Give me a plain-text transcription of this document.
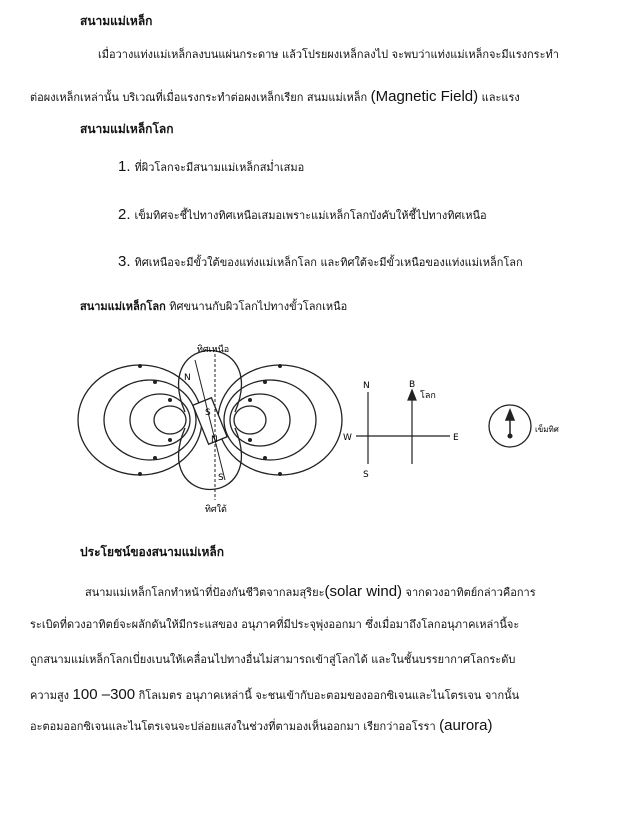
สนามแม่เหล็ก
เมื่อวางแท่งแม่เหล็กลงบนแผ่นกระดาษ แล้วโปรยผงเหล็กลงไป จะพบว่าแท่งแม่เหล็กจะมีแรงกระทำ
ต่อผงเหล็กเหล่านั้น บริเวณที่เมื่อแรงกระทำต่อผงเหล็กเรียก สนมแม่เหล็ก (Magnetic Field) และแรง
สนามแม่เหล็กโลก
1. ที่ผิวโลกจะมีสนามแม่เหล็กสม่ำเสมอ
2. เข็มทิศจะชี้ไปทางทิศเหนือเสมอเพราะแม่เหล็กโลกบังคับให้ชี้ไปทางทิศเหนือ
3. ทิศเหนือจะมีขั้วใต้ของแท่งแม่เหล็กโลก และทิศใต้จะมีขั้วเหนือของแท่งแม่เหล็กโลก
สนามแม่เหล็กโลก ทิศขนานกับผิวโลกไปทางขั้วโลกเหนือ
ทิศเหนือ
N
S
N
S
ทิศใต้
N
S
W	E
B
โลก
เข็มทิศ
ประโยชน์ของสนามแม่เหล็ก
สนามแม่เหล็กโลกทำหน้าที่ป้องกันชีวิตจากลมสุริยะ(solar wind) จากดวงอาทิตย์กล่าวคือการ
ระเบิดที่ดวงอาทิตย์จะผลักดันให้มีกระแสของ อนุภาคที่มีประจุพุ่งออกมา ซึ่งเมื่อมาถึงโลกอนุภาคเหล่านี้จะ
ถูกสนามแม่เหล็กโลกเบี่ยงเบนให้เคลื่อนไปทางอื่นไม่สามารถเข้าสู่โลกได้ และในชั้นบรรยากาศโลกระดับ
ความสูง 100 –300 กิโลเมตร อนุภาคเหล่านี้ จะชนเข้ากับอะตอมของออกซิเจนและไนโตรเจน จากนั้น
อะตอมออกซิเจนและไนโตรเจนจะปล่อยแสงในช่วงที่ตามองเห็นออกมา เรียกว่าออโรรา (aurora)
